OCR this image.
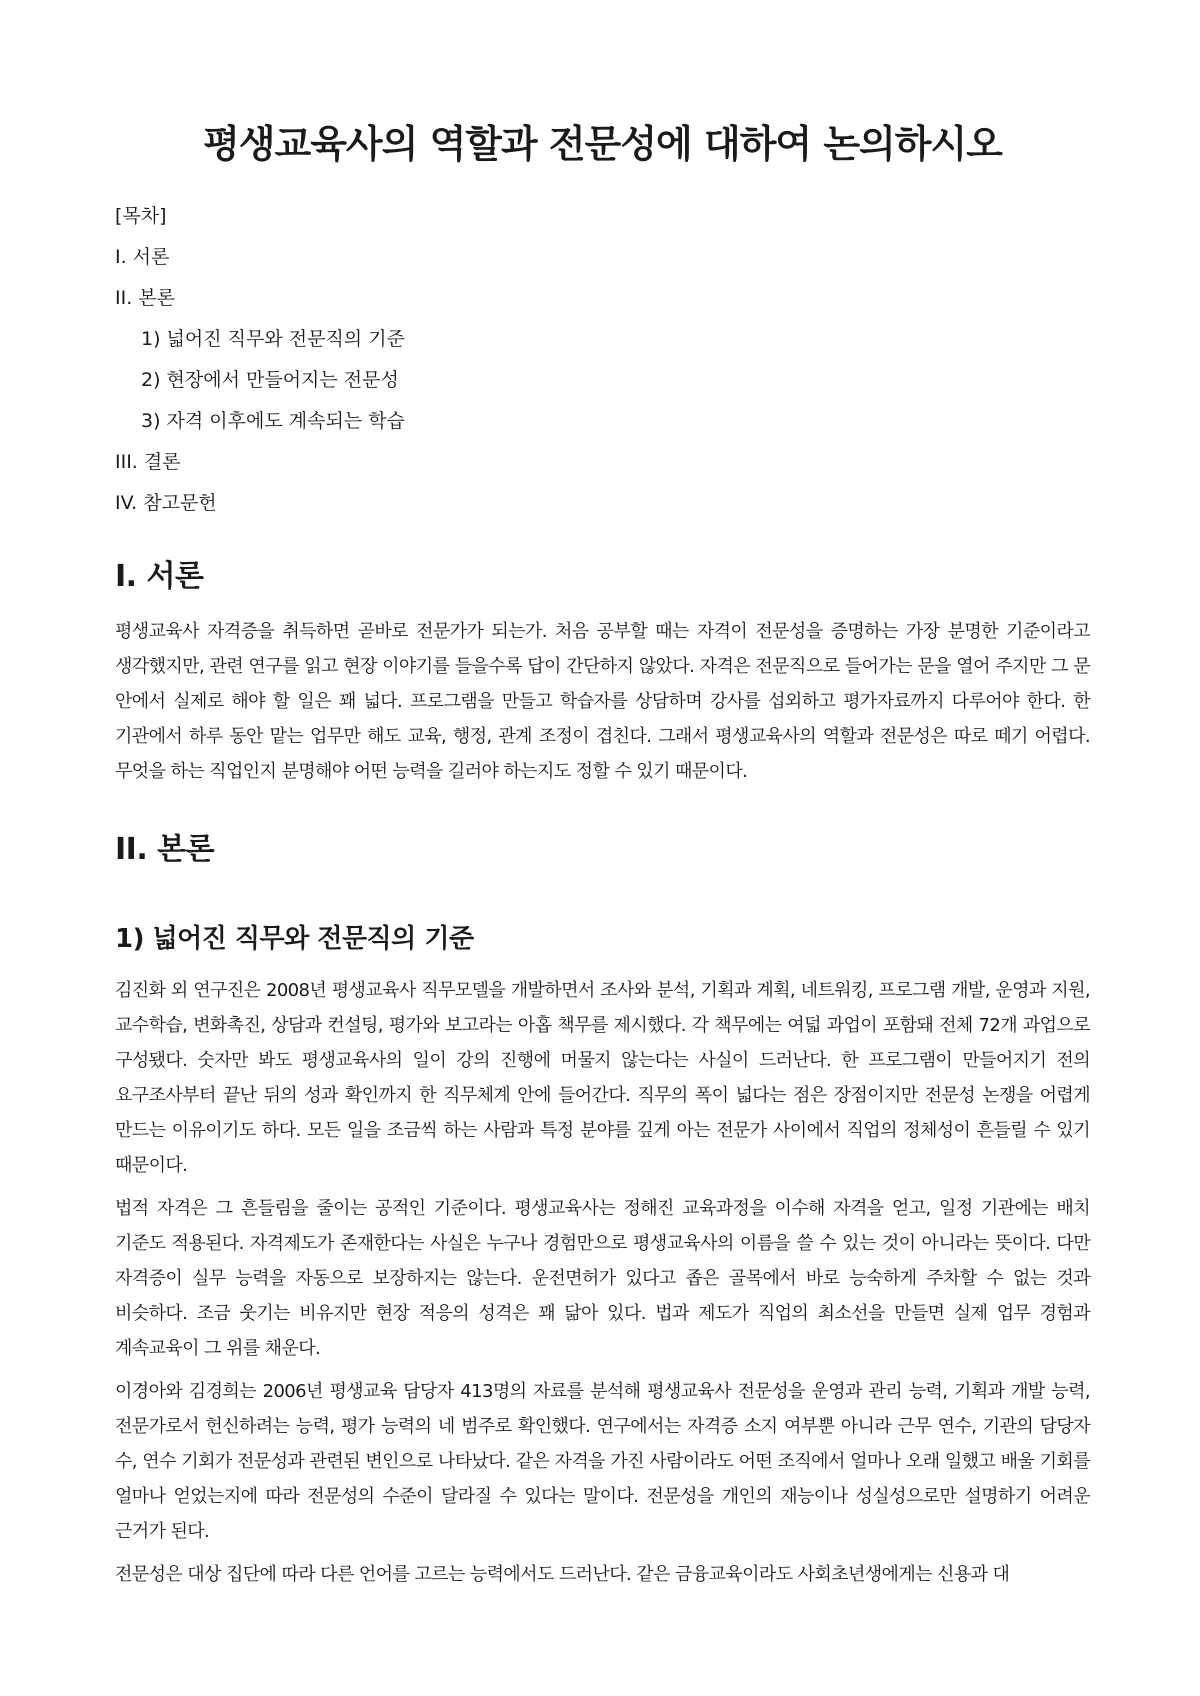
평생교육사의 역할과 전문성에 대하여 논의하시오
[목차]
I. 서론
II. 본론
1) 넓어진 직무와 전문직의 기준
2) 현장에서 만들어지는 전문성
3) 자격 이후에도 계속되는 학습
III. 결론
IV. 참고문헌
I. 서론

평생교육사 자격증을 취득하면 곧바로 전문가가 되는가. 처음 공부할 때는 자격이 전문성을 증명하는 가장 분명한 기준이라고 생각했지만, 관련 연구를 읽고 현장 이야기를 들을수록 답이 간단하지 않았다. 자격은 전문직으로 들어가는 문을 열어 주지만 그 문 안에서 실제로 해야 할 일은 꽤 넓다. 프로그램을 만들고 학습자를 상담하며 강사를 섭외하고 평가자료까지 다루어야 한다. 한 기관에서 하루 동안 맡는 업무만 해도 교육, 행정, 관계 조정이 겹친다. 그래서 평생교육사의 역할과 전문성은 따로 떼기 어렵다. 무엇을 하는 직업인지 분명해야 어떤 능력을 길러야 하는지도 정할 수 있기 때문이다.

II. 본론
1) 넓어진 직무와 전문직의 기준

김진화 외 연구진은 2008년 평생교육사 직무모델을 개발하면서 조사와 분석, 기획과 계획, 네트워킹, 프로그램 개발, 운영과 지원, 교수학습, 변화촉진, 상담과 컨설팅, 평가와 보고라는 아홉 책무를 제시했다. 각 책무에는 여덟 과업이 포함돼 전체 72개 과업으로 구성됐다. 숫자만 봐도 평생교육사의 일이 강의 진행에 머물지 않는다는 사실이 드러난다. 한 프로그램이 만들어지기 전의 요구조사부터 끝난 뒤의 성과 확인까지 한 직무체계 안에 들어간다. 직무의 폭이 넓다는 점은 장점이지만 전문성 논쟁을 어렵게 만드는 이유이기도 하다. 모든 일을 조금씩 하는 사람과 특정 분야를 깊게 아는 전문가 사이에서 직업의 정체성이 흔들릴 수 있기 때문이다.

법적 자격은 그 흔들림을 줄이는 공적인 기준이다. 평생교육사는 정해진 교육과정을 이수해 자격을 얻고, 일정 기관에는 배치 기준도 적용된다. 자격제도가 존재한다는 사실은 누구나 경험만으로 평생교육사의 이름을 쓸 수 있는 것이 아니라는 뜻이다. 다만 자격증이 실무 능력을 자동으로 보장하지는 않는다. 운전면허가 있다고 좁은 골목에서 바로 능숙하게 주차할 수 없는 것과 비슷하다. 조금 웃기는 비유지만 현장 적응의 성격은 꽤 닮아 있다. 법과 제도가 직업의 최소선을 만들면 실제 업무 경험과 계속교육이 그 위를 채운다.

이경아와 김경희는 2006년 평생교육 담당자 413명의 자료를 분석해 평생교육사 전문성을 운영과 관리 능력, 기획과 개발 능력, 전문가로서 헌신하려는 능력, 평가 능력의 네 범주로 확인했다. 연구에서는 자격증 소지 여부뿐 아니라 근무 연수, 기관의 담당자 수, 연수 기회가 전문성과 관련된 변인으로 나타났다. 같은 자격을 가진 사람이라도 어떤 조직에서 얼마나 오래 일했고 배울 기회를 얼마나 얻었는지에 따라 전문성의 수준이 달라질 수 있다는 말이다. 전문성을 개인의 재능이나 성실성으로만 설명하기 어려운 근거가 된다.

전문성은 대상 집단에 따라 다른 언어를 고르는 능력에서도 드러난다. 같은 금융교육이라도 사회초년생에게는 신용과 대
